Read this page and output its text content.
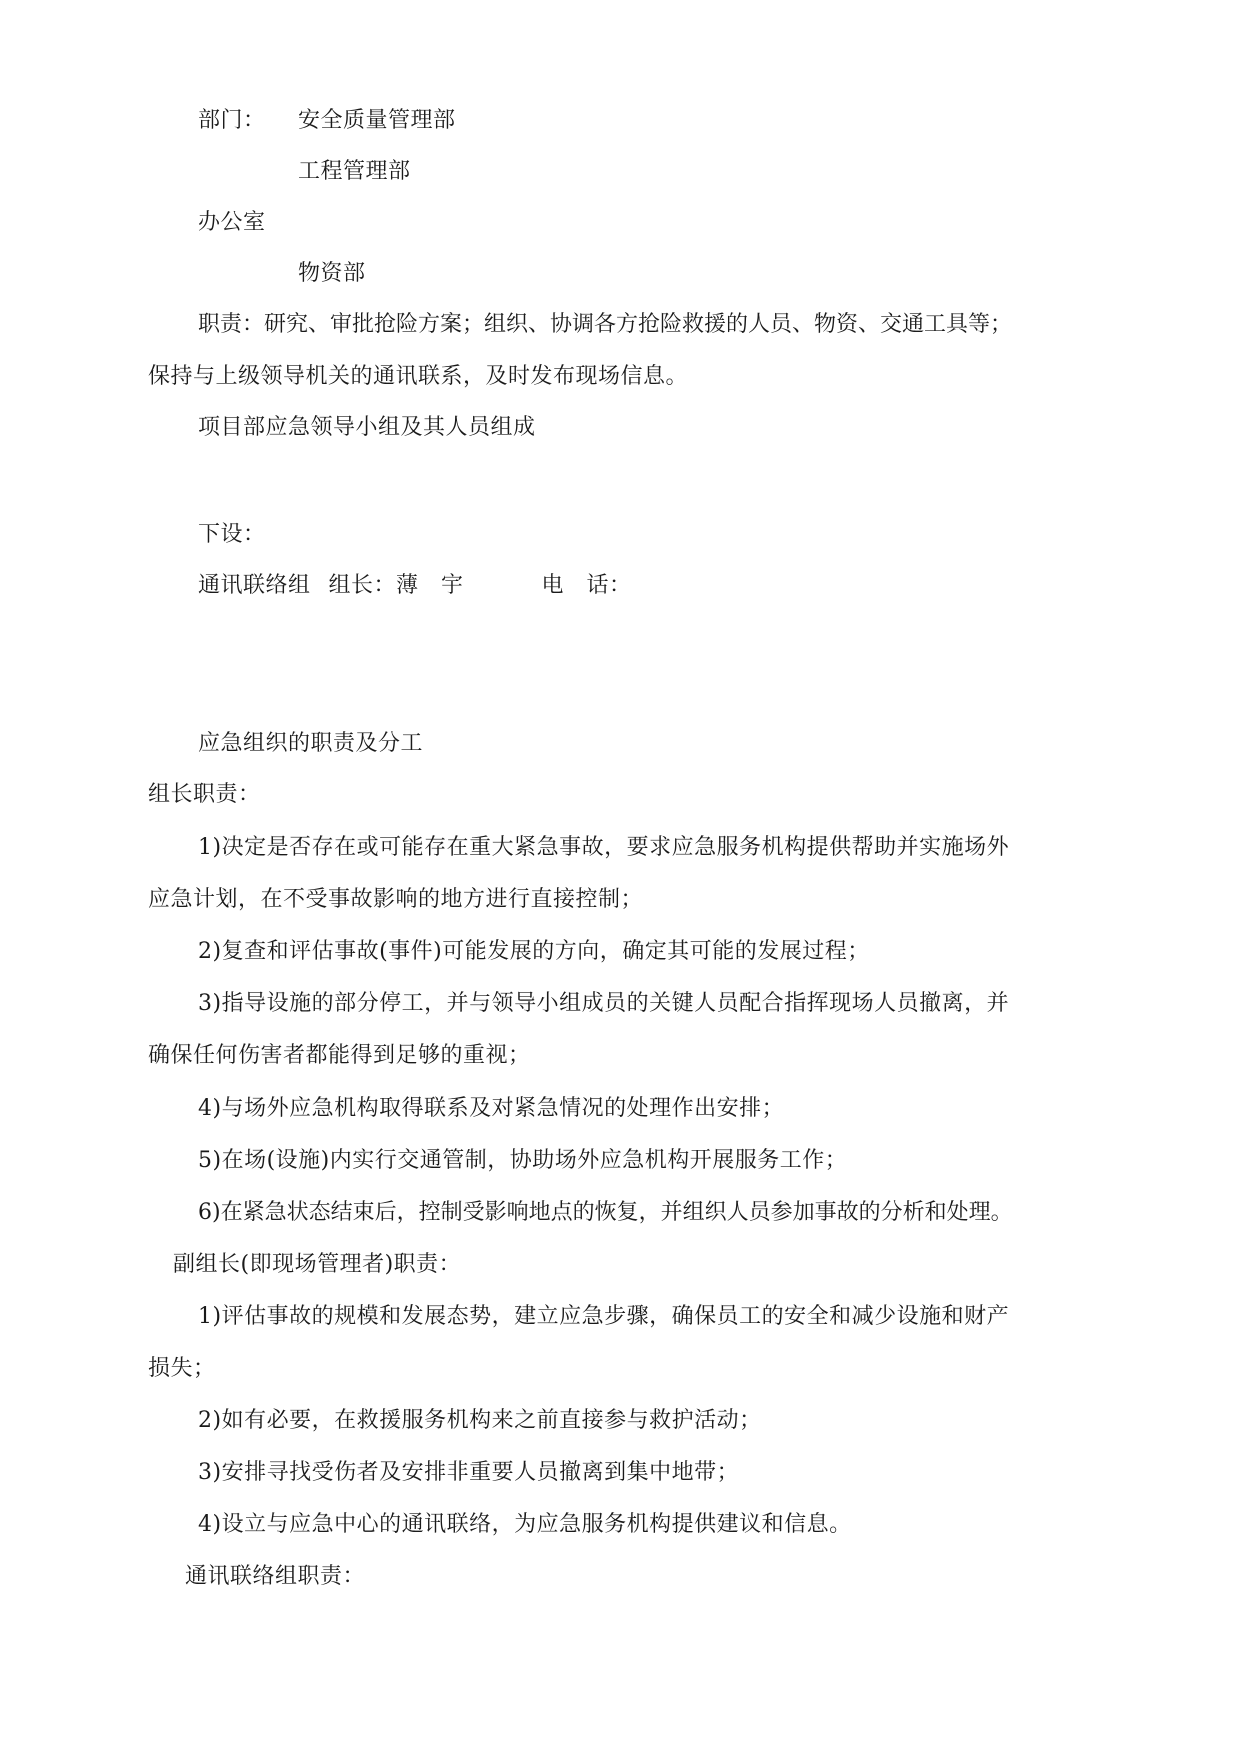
部门： 安全质量管理部
工程管理部
办公室
物资部
职责：研究、审批抢险方案；组织、协调各方抢险救援的人员、物资、交通工具等；
保持与上级领导机关的通讯联系，及时发布现场信息。
项目部应急领导小组及其人员组成
下设：
通讯联络组 组长：薄　宇	电　话：
应急组织的职责及分工
组长职责：
1)决定是否存在或可能存在重大紧急事故，要求应急服务机构提供帮助并实施场外
应急计划，在不受事故影响的地方进行直接控制；
2)复查和评估事故(事件)可能发展的方向，确定其可能的发展过程；
3)指导设施的部分停工，并与领导小组成员的关键人员配合指挥现场人员撤离，并
确保任何伤害者都能得到足够的重视；
4)与场外应急机构取得联系及对紧急情况的处理作出安排；
5)在场(设施)内实行交通管制，协助场外应急机构开展服务工作；
6)在紧急状态结束后，控制受影响地点的恢复，并组织人员参加事故的分析和处理。
副组长(即现场管理者)职责：
1)评估事故的规模和发展态势，建立应急步骤，确保员工的安全和减少设施和财产
损失；
2)如有必要，在救援服务机构来之前直接参与救护活动；
3)安排寻找受伤者及安排非重要人员撤离到集中地带；
4)设立与应急中心的通讯联络，为应急服务机构提供建议和信息。
通讯联络组职责：
